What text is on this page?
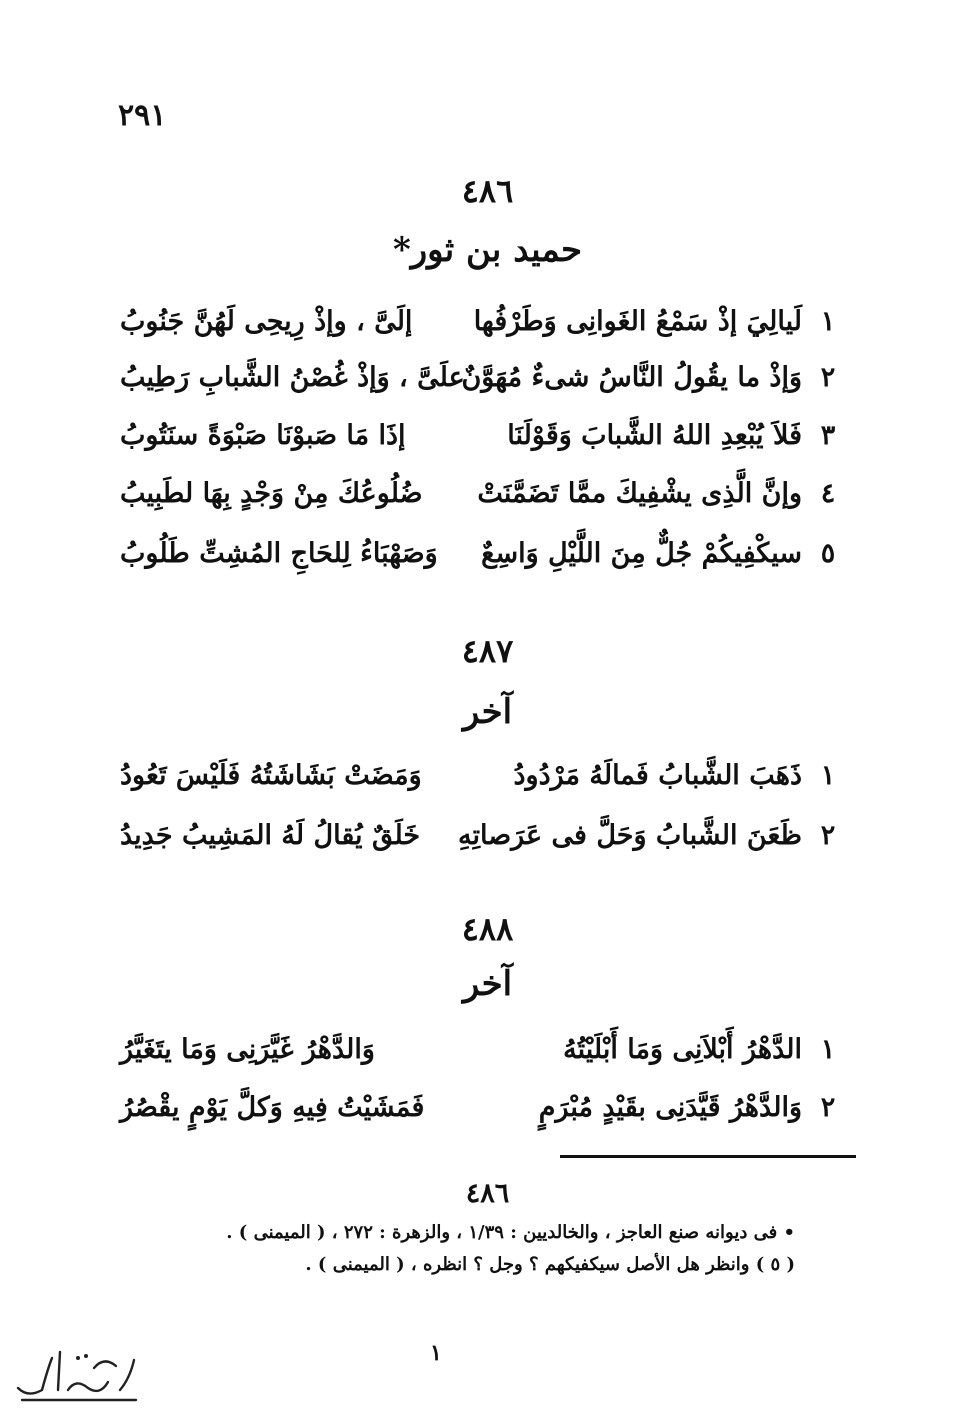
٢٩١
٤٨٦
حميد بن ثور*
١
لَيالِيَ إذْ سَمْعُ الغَوانِى وَطَرْفُها
إلَىَّ ، وإذْ رِيحِى لَهُنَّ جَنُوبُ
٢
وَإذْ ما يقُولُ النَّاسُ شىءٌ مُهَوَّنٌ
علَىَّ ، وَإذْ غُصْنُ الشَّبابِ رَطِيبُ
٣
فَلاَ يُبْعِدِ اللهُ الشَّبابَ وَقَوْلَنَا
إذَا مَا صَبوْنَا صَبْوَةً سنَتُوبُ
٤
وإنَّ الَّذِى يشْفِيكَ ممَّا تَضَمَّنَتْ
ضُلُوعُكَ مِنْ وَجْدٍ بِهَا لطَبِيبُ
٥
سيكْفِيكُمْ جُلٌّ مِنَ اللَّيْلِ وَاسِعٌ
وَصَهْبَاءُ لِلحَاجِ المُشِتِّ طَلُوبُ
٤٨٧
آخر
١
ذَهَبَ الشَّبابُ فَمالَهُ مَرْدُودُ
وَمَضَتْ بَشَاشَتُهُ فَلَيْسَ تَعُودُ
٢
ظَعَنَ الشَّبابُ وَحَلَّ فى عَرَصاتِهِ
خَلَقٌ يُقالُ لَهُ المَشِيبُ جَدِيدُ
٤٨٨
آخر
١
الدَّهْرُ أَبْلاَنِى وَمَا أَبْلَيْتُهُ
وَالدَّهْرُ غَيَّرَنِى وَمَا يتَغَيَّرُ
٢
وَالدَّهْرُ قَيَّدَنِى بقَيْدٍ مُبْرَمٍ
فَمَشَيْتُ فِيهِ وَكلَّ يَوْمٍ يقْصُرُ
٤٨٦
• فى ديوانه صنع العاجز ، والخالديين : ١/٣٩ ، والزهرة : ٢٧٢ ، ( الميمنى ) .
( ٥ ) وانظر هل الأصل سيكفيكهم ؟ وجل ؟ انظره ، ( الميمنى ) .
١
